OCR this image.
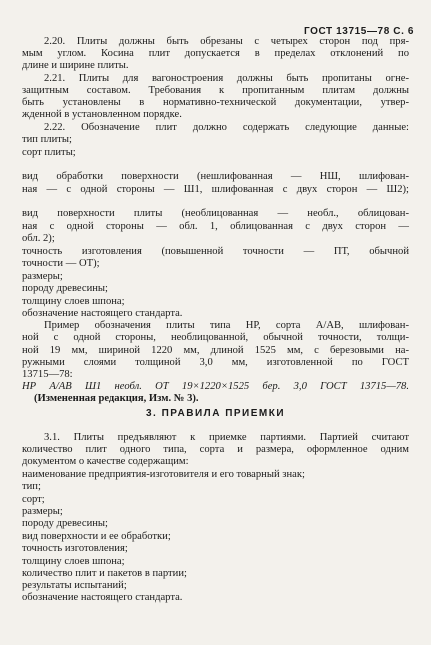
ГОСТ 13715—78 С. 6
2.20. Плиты должны быть обрезаны с четырех сторон под пря-
мым углом. Косина плит допускается в пределах отклонений по
длине и ширине плиты.
2.21. Плиты для вагоностроения должны быть пропитаны огне-
защитным составом. Требования к пропитанным плитам должны
быть установлены в нормативно-технической документации, утвер-
жденной в установленном порядке.
2.22. Обозначение плит должно содержать следующие данные:
тип плиты;
сорт плиты;
вид обработки поверхности (нешлифованная — НШ, шлифован-
ная — с одной стороны — Ш1, шлифованная с двух сторон — Ш2);
вид поверхности плиты (необлицованная — необл., облицован-
ная с одной стороны — обл. 1, облицованная с двух сторон —
обл. 2);
точность изготовления (повышенной точности — ПТ, обычной
точности — ОТ);
размеры;
породу древесины;
толщину слоев шпона;
обозначение настоящего стандарта.
Пример обозначения плиты типа НР, сорта А/АВ, шлифован-
ной с одной стороны, необлицованной, обычной точности, толщи-
ной 19 мм, шириной 1220 мм, длиной 1525 мм, с березовыми на-
ружными слоями толщиной 3,0 мм, изготовленной по ГОСТ
13715—78:
НР А/АВ Ш1 необл. ОТ 19×1220×1525 бер. 3,0 ГОСТ 13715—78.
(Измененная редакция, Изм. № 3).
3. ПРАВИЛА ПРИЕМКИ
3.1. Плиты предъявляют к приемке партиями. Партией считают
количество плит одного типа, сорта и размера, оформленное одним
документом о качестве содержащим:
наименование предприятия-изготовителя и его товарный знак;
тип;
сорт;
размеры;
породу древесины;
вид поверхности и ее обработки;
точность изготовления;
толщину слоев шпона;
количество плит и пакетов в партии;
результаты испытаний;
обозначение настоящего стандарта.
